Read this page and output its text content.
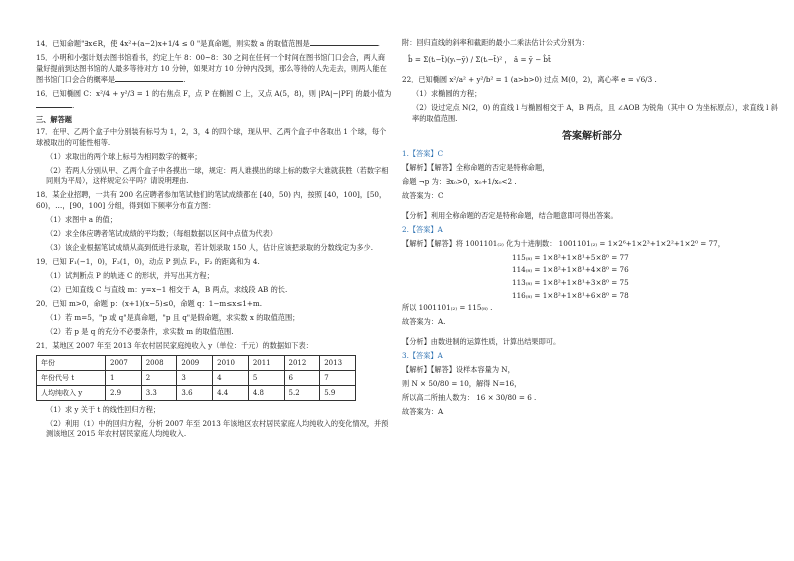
14．已知命题"∃x∈R，使 4x²+(a−2)x+1/4 ≤ 0 "是真命题，则实数 a 的取值范围是	.

15．小明和小强计划去图书馆看书，约定上午 8：00~8：30 之间在任何一个时间在图书馆门口会合，两人商量好提前到达图书馆的人最多等待对方 10 分钟，如果对方 10 分钟内没到，那么等待的人先走去，则两人能在图书馆门口会合的概率是	.

16．已知椭圆 C：x²/4 + y²/3 = 1 的右焦点 F，点 P 在椭圆 C 上，又点 A(5，8)，则 |PA|−|PF| 的最小值为.

三、解答题

17．在甲、乙两个盒子中分别装有标号为 1，2，3，4 的四个球，现从甲、乙两个盒子中各取出 1 个球，每个球被取出的可能性相等.

（1）求取出的两个球上标号为相同数字的概率；

（2）若两人分别从甲、乙两个盒子中各摸出一球，规定：两人谁摸出的球上标的数字大谁就获胜（若数字相同则为平局），这样规定公平吗？请说明理由.

18．某企业招聘，一共有 200 名应聘者参加笔试他们的笔试成绩都在 [40，50) 内，按照 [40，100]，[50，60)，…，[90，100] 分组，得到如下频率分布直方图：

（1）求图中 a 的值；

（2）求全体应聘者笔试成绩的平均数；（每组数据以区间中点值为代表）

（3）该企业根据笔试成绩从高到低进行录取，若计划录取 150 人，估计应该把录取的分数线定为多少.

19．已知 F₁(−1，0)，F₂(1，0)，动点 P 到点 F₁，F₂ 的距离和为 4.

（1）试判断点 P 的轨迹 C 的形状，并写出其方程；

（2）已知直线 C 与直线 m：y=x−1 相交于 A，B 两点，求线段 AB 的长.

20．已知 m>0，命题 p：(x+1)(x−5)≤0，命题 q：1−m≤x≤1+m.

（1）若 m=5，"p 或 q"是真命题，"p 且 q"是假命题，求实数 x 的取值范围；

（2）若 p 是 q 的充分不必要条件，求实数 m 的取值范围.

21．某地区 2007 年至 2013 年农村居民家庭纯收入 y（单位：千元）的数据如下表：

年份	2007	2008	2009	2010	2011	2012	2013
年份代号 t	1	2	3	4	5	6	7
人均纯收入 y	2.9	3.3	3.6	4.4	4.8	5.2	5.9

（1）求 y 关于 t 的线性回归方程；

（2）利用（1）中的回归方程，分析 2007 年至 2013 年该地区农村居民家庭人均纯收入的变化情况，并预测该地区 2015 年农村居民家庭人均纯收入.

附：回归直线的斜率和截距的最小二乘法估计公式分别为：

b̂ = Σ(tᵢ−t̄)(yᵢ−ȳ) / Σ(tᵢ−t̄)² ， â = ȳ − b̂t̄

22．已知椭圆 x²/a² + y²/b² = 1 (a>b>0) 过点 M(0，2)，离心率 e = √6/3 .

（1）求椭圆的方程；

（2）设过定点 N(2，0) 的直线 l 与椭圆相交于 A，B 两点，且 ∠AOB 为锐角（其中 O 为坐标原点），求直线 l 斜率的取值范围.

答案解析部分

1.【答案】C

【解析】【解答】全称命题的否定是特称命题，

命题 ¬p 为：∃x₀>0，x₀+1/x₀<2 .

故答案为：C

【分析】利用全称命题的否定是特称命题，结合题意即可得出答案。

2.【答案】A

【解析】【解答】将 1001101₍₂₎ 化为十进制数： 1001101₍₂₎ = 1×2⁶+1×2³+1×2²+1×2⁰ = 77，

115₍₈₎ = 1×8²+1×8¹+5×8⁰ = 77

114₍₈₎ = 1×8²+1×8¹+4×8⁰ = 76

113₍₈₎ = 1×8²+1×8¹+3×8⁰ = 75

116₍₈₎ = 1×8²+1×8¹+6×8⁰ = 78

所以 1001101₍₂₎ = 115₍₈₎ .

故答案为：A.

【分析】由数进制的运算性质，计算出结果即可。

3.【答案】A

【解析】【解答】设样本容量为 N，

则 N × 50/80 = 10，解得 N=16，

所以高二所抽人数为： 16 × 30/80 = 6 .

故答案为：A
